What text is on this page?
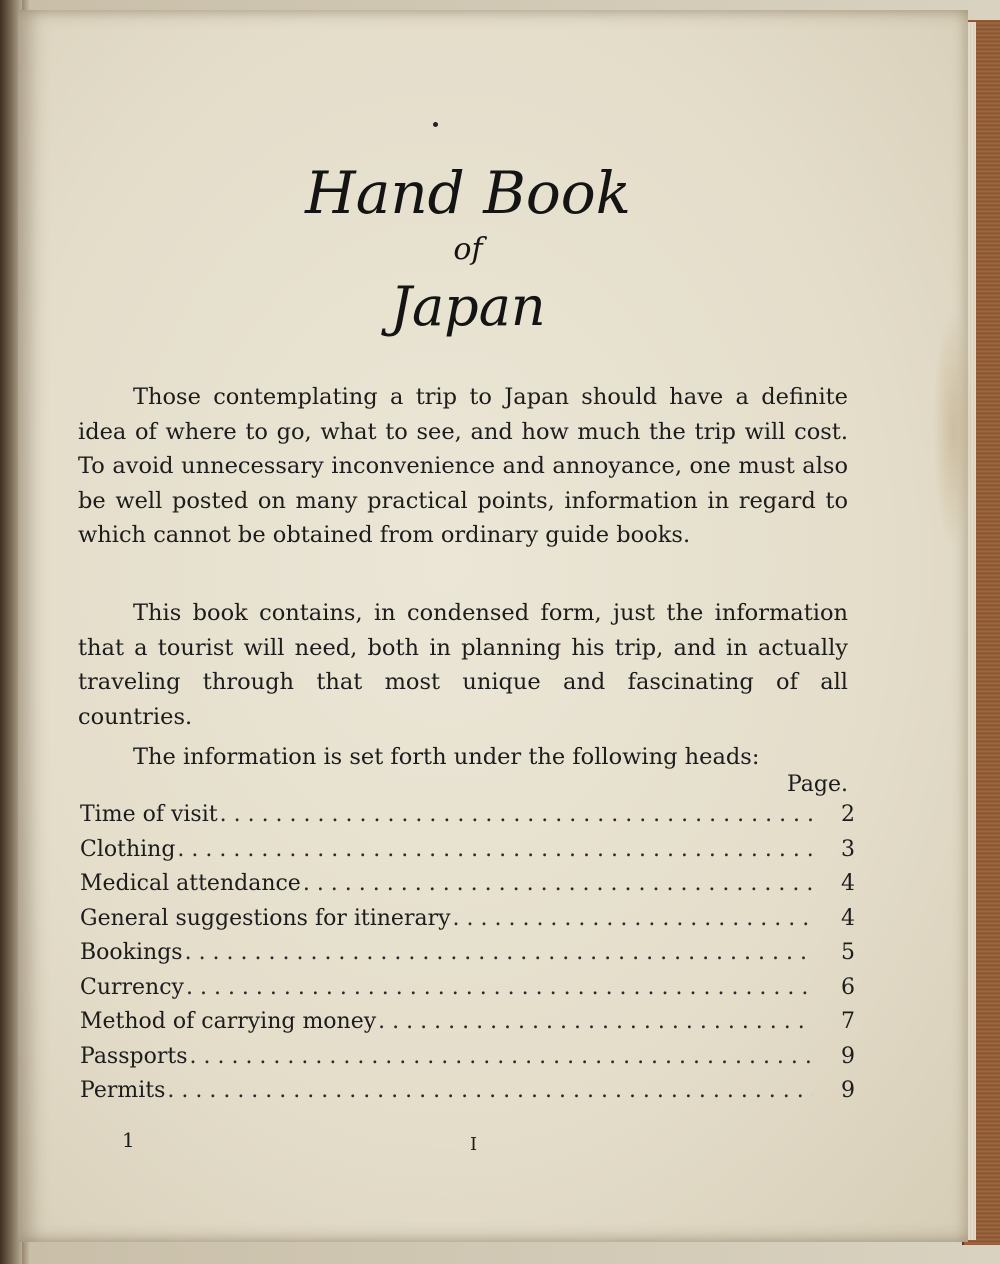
Hand Book
of
Japan

Those contemplating a trip to Japan should have a definite idea of where to go, what to see, and how much the trip will cost. To avoid unnecessary inconvenience and annoyance, one must also be well posted on many practical points, information in regard to which cannot be obtained from ordinary guide books.

This book contains, in condensed form, just the information that a tourist will need, both in planning his trip, and in actually traveling through that most unique and fascinating of all countries.

The information is set forth under the following heads:

Page.
Time of visit . . .	2
Clothing . . .	3
Medical attendance . . .	4
General suggestions for itinerary . . .	4
Bookings . . .	5
Currency . . .	6
Method of carrying money . . .	7
Passports . . .	9
Permits . . .	9
1	I
